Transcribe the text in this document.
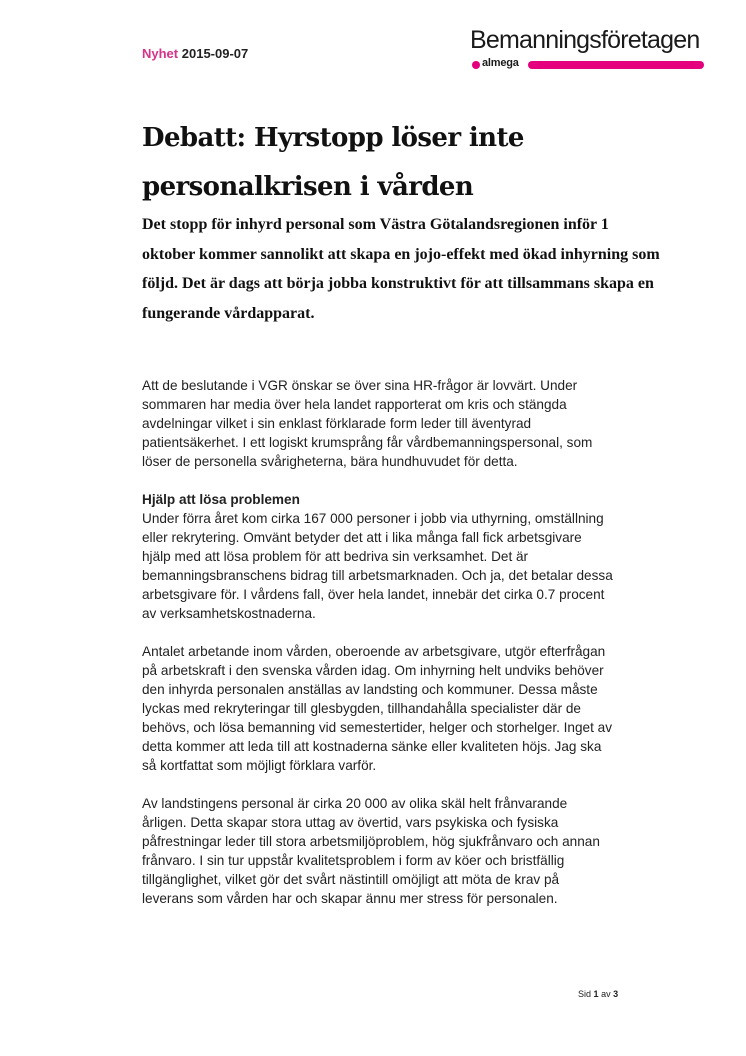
Nyhet 2015-09-07	Bemanningsföretagen
almega
Debatt: Hyrstopp löser inte personalkrisen i vården

Det stopp för inhyrd personal som Västra Götalandsregionen inför 1 oktober kommer sannolikt att skapa en jojo-effekt med ökad inhyrning som följd. Det är dags att börja jobba konstruktivt för att tillsammans skapa en fungerande vårdapparat.

Att de beslutande i VGR önskar se över sina HR-frågor är lovvärt. Under sommaren har media över hela landet rapporterat om kris och stängda avdelningar vilket i sin enklast förklarade form leder till äventyrad patientsäkerhet. I ett logiskt krumsprång får vårdbemanningspersonal, som löser de personella svårigheterna, bära hundhuvudet för detta.

Hjälp att lösa problemen
Under förra året kom cirka 167 000 personer i jobb via uthyrning, omställning eller rekrytering. Omvänt betyder det att i lika många fall fick arbetsgivare hjälp med att lösa problem för att bedriva sin verksamhet. Det är bemanningsbranschens bidrag till arbetsmarknaden. Och ja, det betalar dessa arbetsgivare för. I vårdens fall, över hela landet, innebär det cirka 0.7 procent av verksamhetskostnaderna.

Antalet arbetande inom vården, oberoende av arbetsgivare, utgör efterfrågan på arbetskraft i den svenska vården idag. Om inhyrning helt undviks behöver den inhyrda personalen anställas av landsting och kommuner. Dessa måste lyckas med rekryteringar till glesbygden, tillhandahålla specialister där de behövs, och lösa bemanning vid semestertider, helger och storhelger. Inget av detta kommer att leda till att kostnaderna sänke eller kvaliteten höjs. Jag ska så kortfattat som möjligt förklara varför.

Av landstingens personal är cirka 20 000 av olika skäl helt frånvarande årligen. Detta skapar stora uttag av övertid, vars psykiska och fysiska påfrestningar leder till stora arbetsmiljöproblem, hög sjukfrånvaro och annan frånvaro. I sin tur uppstår kvalitetsproblem i form av köer och bristfällig tillgänglighet, vilket gör det svårt nästintill omöjligt att möta de krav på leverans som vården har och skapar ännu mer stress för personalen.

Sid 1 av 3
